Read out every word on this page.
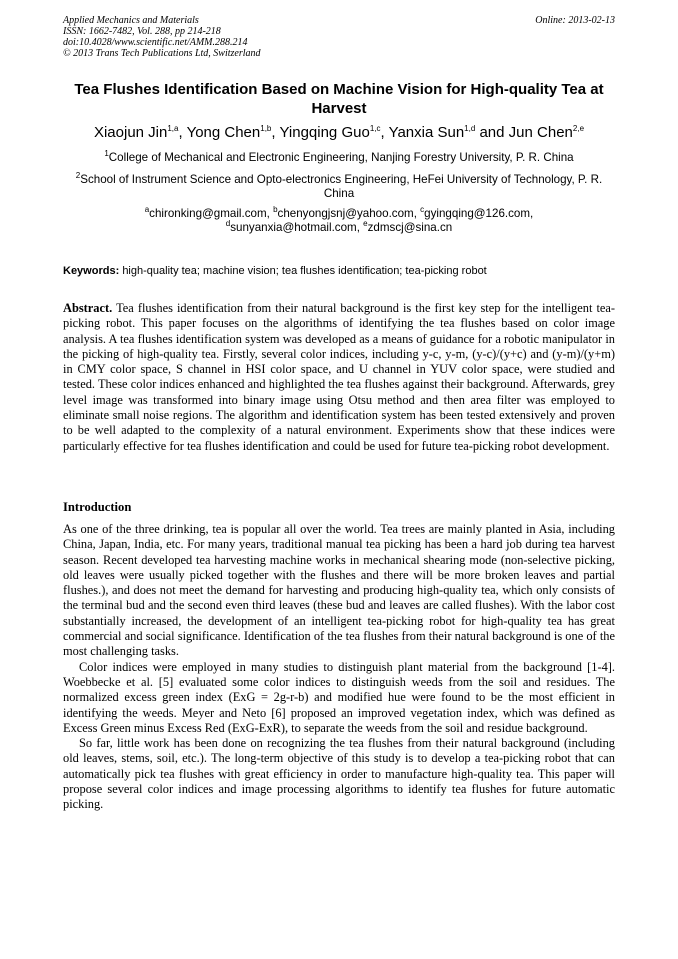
Applied Mechanics and Materials
ISSN: 1662-7482, Vol. 288, pp 214-218
doi:10.4028/www.scientific.net/AMM.288.214
© 2013 Trans Tech Publications Ltd, Switzerland
Online: 2013-02-13
Tea Flushes Identification Based on Machine Vision for High-quality Tea at Harvest
Xiaojun Jin$^{1,a}$, Yong Chen$^{1,b}$, Yingqing Guo$^{1,c}$, Yanxia Sun$^{1,d}$ and Jun Chen$^{2,e}$
$^1$College of Mechanical and Electronic Engineering, Nanjing Forestry University, P. R. China
$^2$School of Instrument Science and Opto-electronics Engineering, HeFei University of Technology, P. R. China
$^a$chironking@gmail.com, $^b$chenyongjsnj@yahoo.com, $^c$gyingqing@126.com,
$^d$sunyanxia@hotmail.com, $^e$zdmscj@sina.cn
Keywords: high-quality tea; machine vision; tea flushes identification; tea-picking robot

Abstract. Tea flushes identification from their natural background is the first key step for the intelligent tea-picking robot. This paper focuses on the algorithms of identifying the tea flushes based on color image analysis. A tea flushes identification system was developed as a means of guidance for a robotic manipulator in the picking of high-quality tea. Firstly, several color indices, including y-c, y-m, (y-c)/(y+c) and (y-m)/(y+m) in CMY color space, S channel in HSI color space, and U channel in YUV color space, were studied and tested. These color indices enhanced and highlighted the tea flushes against their background. Afterwards, grey level image was transformed into binary image using Otsu method and then area filter was employed to eliminate small noise regions. The algorithm and identification system has been tested extensively and proven to be well adapted to the complexity of a natural environment. Experiments show that these indices were particularly effective for tea flushes identification and could be used for future tea-picking robot development.

Introduction

As one of the three drinking, tea is popular all over the world. Tea trees are mainly planted in Asia, including China, Japan, India, etc. For many years, traditional manual tea picking has been a hard job during tea harvest season. Recent developed tea harvesting machine works in mechanical shearing mode (non-selective picking, old leaves were usually picked together with the flushes and there will be more broken leaves and partial flushes.), and does not meet the demand for harvesting and producing high-quality tea, which only consists of the terminal bud and the second even third leaves (these bud and leaves are called flushes). With the labor cost substantially increased, the development of an intelligent tea-picking robot for high-quality tea has great commercial and social significance. Identification of the tea flushes from their natural background is one of the most challenging tasks.

Color indices were employed in many studies to distinguish plant material from the background [1-4]. Woebbecke et al. [5] evaluated some color indices to distinguish weeds from the soil and residues. The normalized excess green index (ExG = 2g-r-b) and modified hue were found to be the most efficient in identifying the weeds. Meyer and Neto [6] proposed an improved vegetation index, which was defined as Excess Green minus Excess Red (ExG-ExR), to separate the weeds from the soil and residue background.

So far, little work has been done on recognizing the tea flushes from their natural background (including old leaves, stems, soil, etc.). The long-term objective of this study is to develop a tea-picking robot that can automatically pick tea flushes with great efficiency in order to manufacture high-quality tea. This paper will propose several color indices and image processing algorithms to identify tea flushes for future automatic picking.
